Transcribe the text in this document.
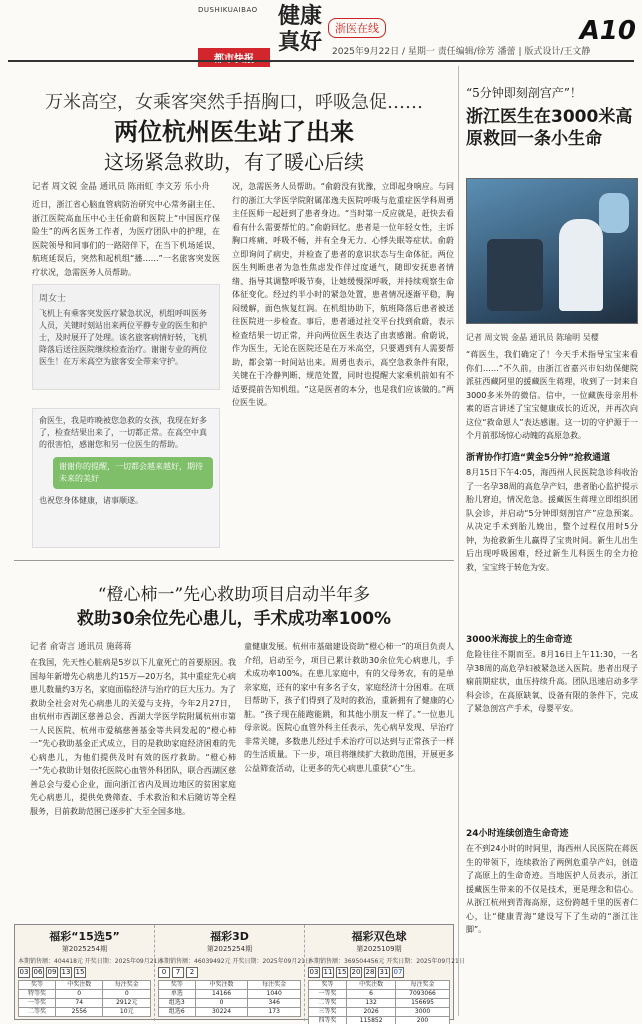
DUSHIKUAIBAO
都市快报
健康真好
浙医在线
2025年9月22日 / 星期一 责任编辑/徐芳 潘蕾 | 版式设计/王文静
A10
万米高空，女乘客突然手捂胸口，呼吸急促……
两位杭州医生站了出来
这场紧急救助，有了暖心后续
记者 周文锐 金晶 通讯员 陈雨虹 李文芳 乐小舟
近日，浙江省心脑血管病防治研究中心常务副主任、浙江医院高血压中心主任俞蔚和医院上“中国医疗保险生”的两名医务工作者，为医疗团队中的护理，在医院领导和同事们的一路陪伴下，在当下机场延误、航班延误后，突然和起机组“播……”一名旅客突发医疗状况，急需医务人员帮助。
周女士
飞机上有乘客突发医疗紧急状况，机组呼叫医务人员，关键时刻站出来两位平静专业的医生和护士，及时展开了处理。该名旅客病情好转，飞机降落后送往医院继续检查治疗。谢谢专业的两位医生！在万米高空为旅客安全带来守护。
俞医生，我是昨晚被您急救的女孩，我现在好多了，检查结果出来了，一切都正常。在高空中真的很害怕，感谢您和另一位医生的帮助。
谢谢你的提醒，一切都会越来越好，期待未来的美好
也祝您身体健康，诸事顺遂。
况，急需医务人员帮助。“俞蔚没有犹豫，立即起身响应。与同行的浙江大学医学院附属邵逸夫医院呼吸与危重症医学科周勇主任医师一起赶到了患者身边。“当时第一反应就是，赶快去看看有什么需要帮忙的。”俞蔚回忆。患者是一位年轻女性，主诉胸口疼痛、呼吸不畅，并有全身无力、心悸失眠等症状。俞蔚立即询问了病史，并检查了患者的意识状态与生命体征。两位医生判断患者为急性焦虑发作伴过度通气，随即安抚患者情绪、指导其调整呼吸节奏，让她缓慢深呼吸，并持续观察生命体征变化。经过约半小时的紧急处置，患者情况逐渐平稳，胸闷缓解，面色恢复红润。在机组协助下，航班降落后患者被送往医院进一步检查。事后，患者通过社交平台找到俞蔚，表示检查结果一切正常，并向两位医生表达了由衷感谢。俞蔚说，作为医生，无论在医院还是在万米高空，只要遇到有人需要帮助，都会第一时间站出来。周勇也表示，高空急救条件有限，关键在于冷静判断、规范处置，同时也提醒大家乘机前如有不适要提前告知机组。“这是医者的本分，也是我们应该做的。”两位医生说。
“橙心柿一”先心救助项目启动半年多
救助30余位先心患儿，手术成功率100%
记者 俞寄言 通讯员 施蒋蒋
在我国，先天性心脏病是5岁以下儿童死亡的首要原因。我国每年新增先心病患儿约15万—20万名，其中重症先心病患儿数量约3万名，家庭面临经济与治疗的巨大压力。为了救助全社会对先心病患儿的关爱与支持，今年2月27日，由杭州市西湖区慈善总会、西湖大学医学院附属杭州市第一人民医院、杭州市爱稿慈善基金等共同发起的“橙心柿一”先心救助基金正式成立，目的是救助家庭经济困难的先心病患儿，为他们提供及时有效的医疗救助。“橙心柿一”先心救助计划依托医院心血管外科团队，联合西湖区慈善总会与爱心企业，面向浙江省内及周边地区的贫困家庭先心病患儿，提供免费筛查、手术救治和术后随访等全程服务，目前救助范围已逐步扩大至全国多地。
童健康发展。杭州市基础建设资助“橙心柿一”的项目负责人介绍，启动至今，项目已累计救助30余位先心病患儿，手术成功率100%。在患儿家庭中，有的父母务农，有的是单亲家庭，还有的家中有多名子女，家庭经济十分困难。在项目帮助下，孩子们得到了及时的救治，重新拥有了健康的心脏。“孩子现在能跑能跳，和其他小朋友一样了。”一位患儿母亲说。医院心血管外科主任表示，先心病早发现、早治疗非常关键，多数患儿经过手术治疗可以达到与正常孩子一样的生活质量。下一步，项目将继续扩大救助范围，开展更多公益筛查活动，让更多的先心病患儿重获“心”生。
福彩“15选5”
第2025254期
本期销售额：404418元 开奖日期：2025年09月21日
03 06 09 13 15
奖等	中奖注数	每注奖金
特等奖	0	0
一等奖	74	2912元
二等奖	2556	10元
福彩3D
第2025254期
本期销售额：46039492元 开奖日期：2025年09月21日
0	7	2
奖等	中奖注数	每注奖金
单选	14166	1040
组选3	0	346
组选6	30224	173
福彩双色球
第2025109期
本期销售额：369504456元 开奖日期：2025年09月21日
03 11 15 20 28 31 07
奖等	中奖注数	每注奖金
一等奖	6	7093066
二等奖	132	156695
三等奖	2026	3000
四等奖	115852	200
“5分钟即刻剖宫产”！
浙江医生在3000米高原救回一条小生命
记者 周文锐 金晶 通讯员 陈瑜明 吴樱
“蒋医生，我们确定了！今天手术指导宝宝来看你们……”不久前，由浙江省嘉兴市妇幼保健院派驻西藏阿里的援藏医生蒋理，收到了一封来自3000多米外的微信。信中，一位藏族母亲用朴素的语言讲述了宝宝健康成长的近况，并再次向这位“救命恩人”表达感谢。这一切的守护源于一个月前那场惊心动魄的高原急救。
浙青协作打造“黄金5分钟”抢救通道
8月15日下午4:05，海西州人民医院急诊科收治了一名孕38周的高危孕产妇，患者胎心监护提示胎儿窘迫，情况危急。援藏医生蒋理立即组织团队会诊，并启动“5分钟即刻剖宫产”应急预案。从决定手术到胎儿娩出，整个过程仅用时5分钟，为抢救新生儿赢得了宝贵时间。新生儿出生后出现呼吸困难，经过新生儿科医生的全力抢救，宝宝终于转危为安。
3000米海拔上的生命奇迹
危险往往不期而至。8月16日上午11:30，一名孕38周的高危孕妇被紧急送入医院。患者出现子痫前期症状，血压持续升高。团队迅速启动多学科会诊，在高原缺氧、设备有限的条件下，完成了紧急剖宫产手术，母婴平安。
24小时连续创造生命奇迹
在不到24小时的时间里，海西州人民医院在蒋医生的带领下，连续救治了两例危重孕产妇，创造了高原上的生命奇迹。当地医护人员表示，浙江援藏医生带来的不仅是技术，更是理念和信心。从浙江杭州到青海高原，这份跨越千里的医者仁心，让“健康青海”建设写下了生动的“浙江注脚”。
